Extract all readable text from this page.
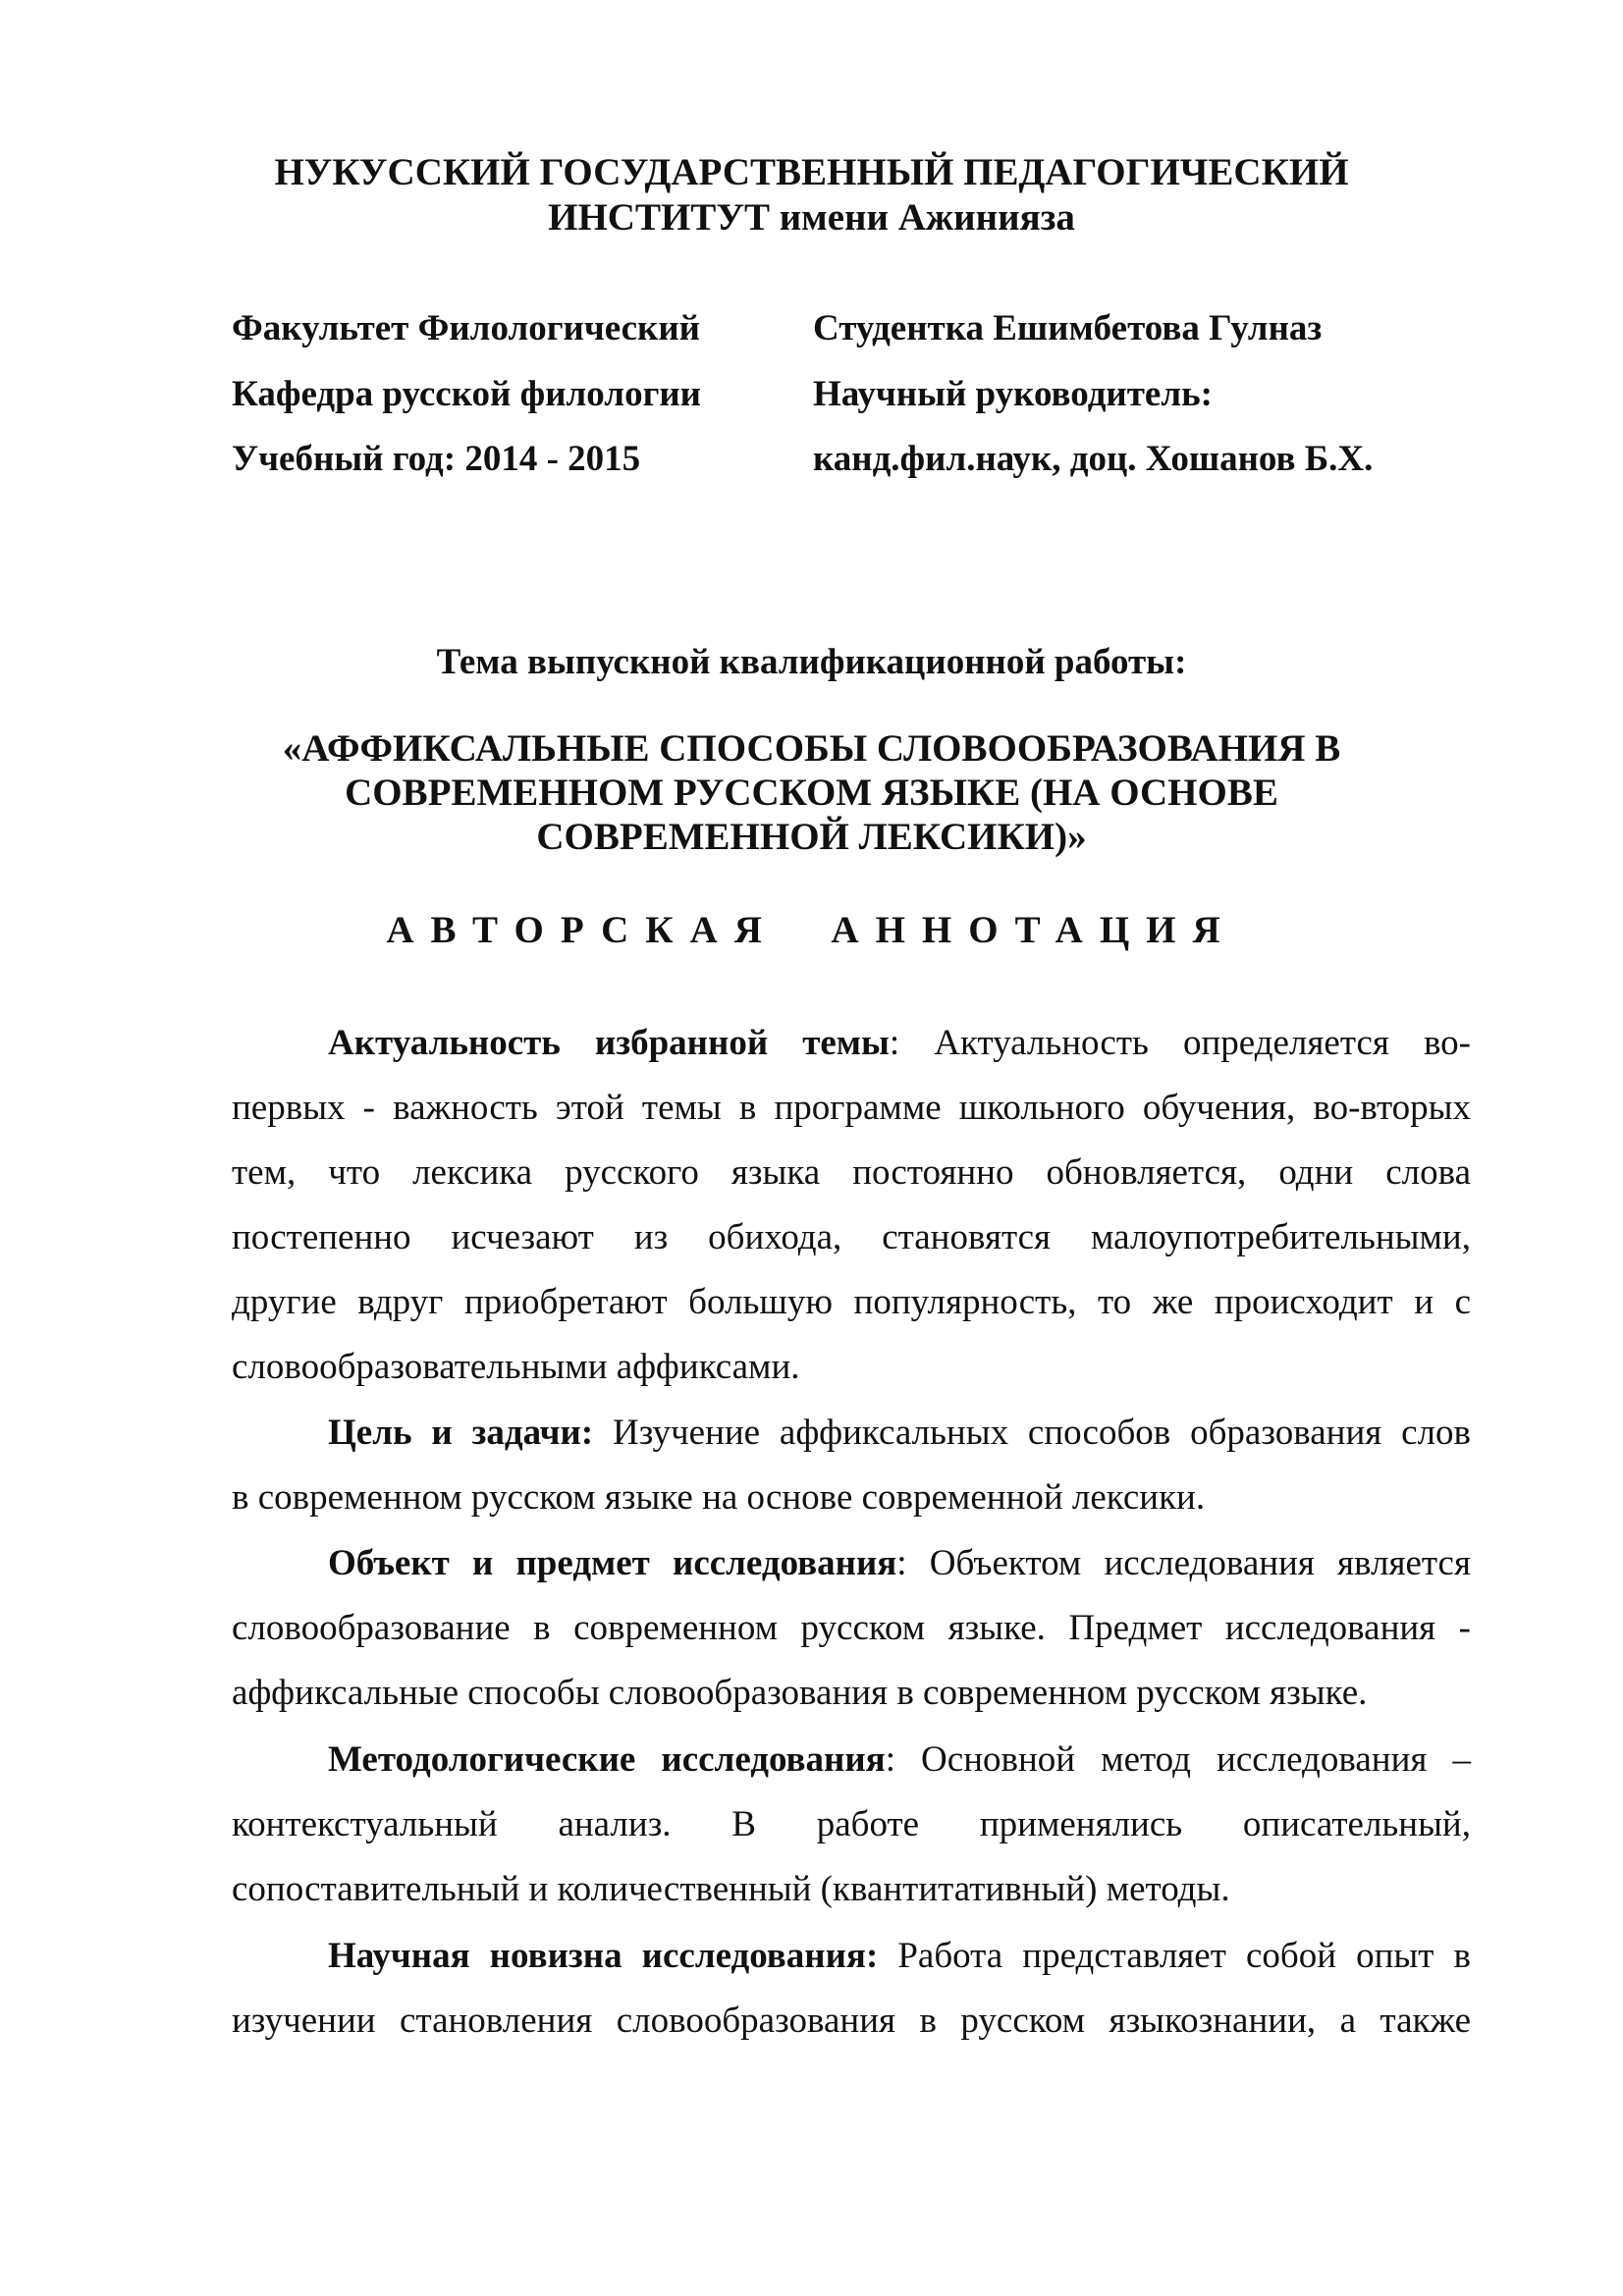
НУКУССКИЙ ГОСУДАРСТВЕННЫЙ ПЕДАГОГИЧЕСКИЙ
ИНСТИТУТ имени Ажинияза
Факультет Филологический
Кафедра русской филологии
Учебный год: 2014 - 2015
Студентка Ешимбетова Гулназ
Научный руководитель:
канд.фил.наук, доц. Хошанов Б.Х.
Тема выпускной квалификационной работы:
«АФФИКСАЛЬНЫЕ СПОСОБЫ СЛОВООБРАЗОВАНИЯ В
СОВРЕМЕННОМ РУССКОМ ЯЗЫКЕ (НА ОСНОВЕ
СОВРЕМЕННОЙ ЛЕКСИКИ)»
АВТОРСКАЯ  АННОТАЦИЯ
Актуальность избранной темы: Актуальность определяется во-
первых - важность этой темы в программе школьного обучения, во-вторых
тем, что лексика русского языка постоянно обновляется, одни слова
постепенно исчезают из обихода, становятся малоупотребительными,
другие вдруг приобретают большую популярность, то же происходит и с
словообразовательными аффиксами.
Цель и задачи: Изучение аффиксальных способов образования слов
в современном русском языке на основе современной лексики.
Объект и предмет исследования: Объектом исследования является
словообразование в современном русском языке. Предмет исследования -
аффиксальные способы словообразования в современном русском языке.
Методологические исследования: Основной метод исследования –
контекстуальный анализ. В работе применялись описательный,
сопоставительный и количественный (квантитативный) методы.
Научная новизна исследования: Работа представляет собой опыт в
изучении становления словообразования в русском языкознании, а также
